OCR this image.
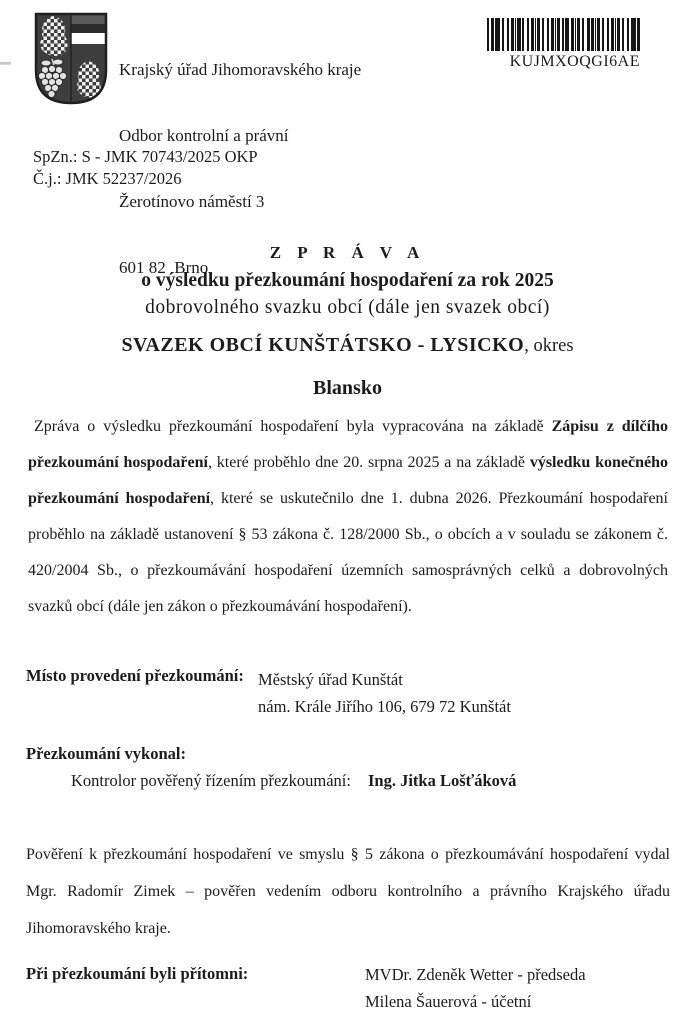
Krajský úřad Jihomoravského kraje

Odbor kontrolní a právní

Žerotínovo náměstí 3

601 82  Brno

KUJMXOQGI6AE
SpZn.: S - JMK 70743/2025 OKP
Č.j.: JMK 52237/2026
Z P R Á V A
o výsledku přezkoumání hospodaření za rok 2025
dobrovolného svazku obcí (dále jen svazek obcí)
SVAZEK OBCÍ KUNŠTÁTSKO - LYSICKO, okres
Blansko

Zpráva o výsledku přezkoumání hospodaření byla vypracována na základě Zápisu z dílčího přezkoumání hospodaření, které proběhlo dne 20. srpna 2025 a na základě výsledku konečného přezkoumání hospodaření, které se uskutečnilo dne 1. dubna 2026. Přezkoumání hospodaření proběhlo na základě ustanovení § 53 zákona č. 128/2000 Sb., o obcích a v souladu se zákonem č. 420/2004 Sb., o přezkoumávání hospodaření územních samosprávných celků a dobrovolných svazků obcí (dále jen zákon o přezkoumávání hospodaření).

Místo provedení přezkoumání: Městský úřad Kunštát
nám. Krále Jiřího 106, 679 72 Kunštát
Přezkoumání vykonal:
Kontrolor pověřený řízením přezkoumání: Ing. Jitka Lošťáková

Pověření k přezkoumání hospodaření ve smyslu § 5 zákona o přezkoumávání hospodaření vydal Mgr. Radomír Zimek – pověřen vedením odboru kontrolního a právního Krajského úřadu Jihomoravského kraje.

Při přezkoumání byli přítomni:	MVDr. Zdeněk Wetter - předseda
Milena Šauerová - účetní
